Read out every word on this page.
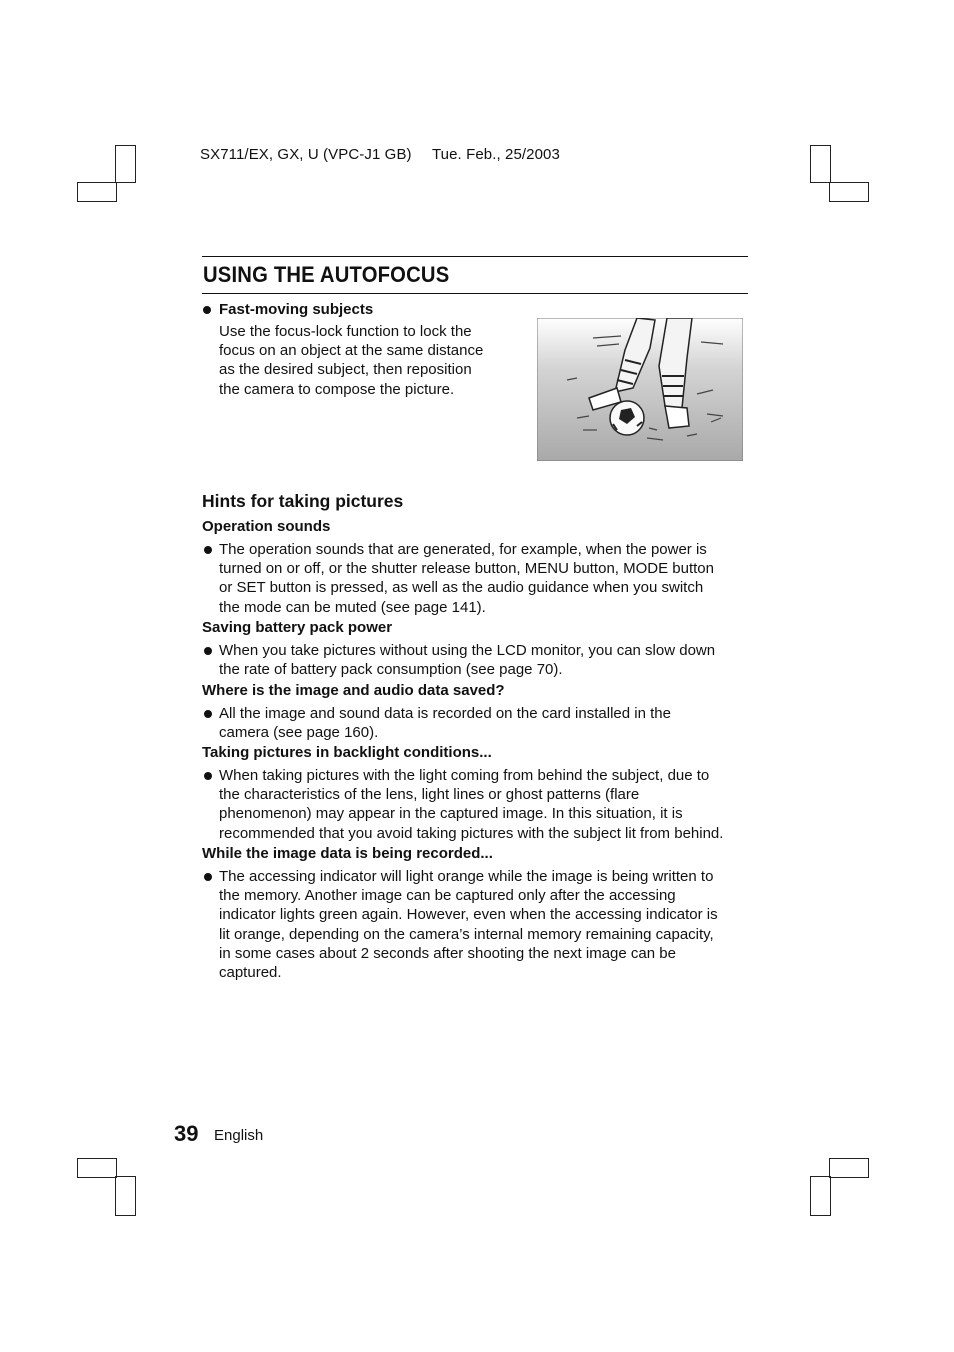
SX711/EX, GX, U (VPC-J1 GB) Tue. Feb., 25/2003
USING THE AUTOFOCUS
Fast-moving subjects

Use the focus-lock function to lock the

focus on an object at the same distance

as the desired subject, then reposition

the camera to compose the picture.

Hints for taking pictures
Operation sounds
The operation sounds that are generated, for example, when the power is
turned on or off, or the shutter release button, MENU button, MODE button
or SET button is pressed, as well as the audio guidance when you switch
the mode can be muted (see page 141).
Saving battery pack power
When you take pictures without using the LCD monitor, you can slow down
the rate of battery pack consumption (see page 70).
Where is the image and audio data saved?
All the image and sound data is recorded on the card installed in the
camera (see page 160).
Taking pictures in backlight conditions...
When taking pictures with the light coming from behind the subject, due to
the characteristics of the lens, light lines or ghost patterns (flare
phenomenon) may appear in the captured image. In this situation, it is
recommended that you avoid taking pictures with the subject lit from behind.
While the image data is being recorded...
The accessing indicator will light orange while the image is being written to
the memory. Another image can be captured only after the accessing
indicator lights green again. However, even when the accessing indicator is
lit orange, depending on the camera’s internal memory remaining capacity,
in some cases about 2 seconds after shooting the next image can be
captured.
39 English
